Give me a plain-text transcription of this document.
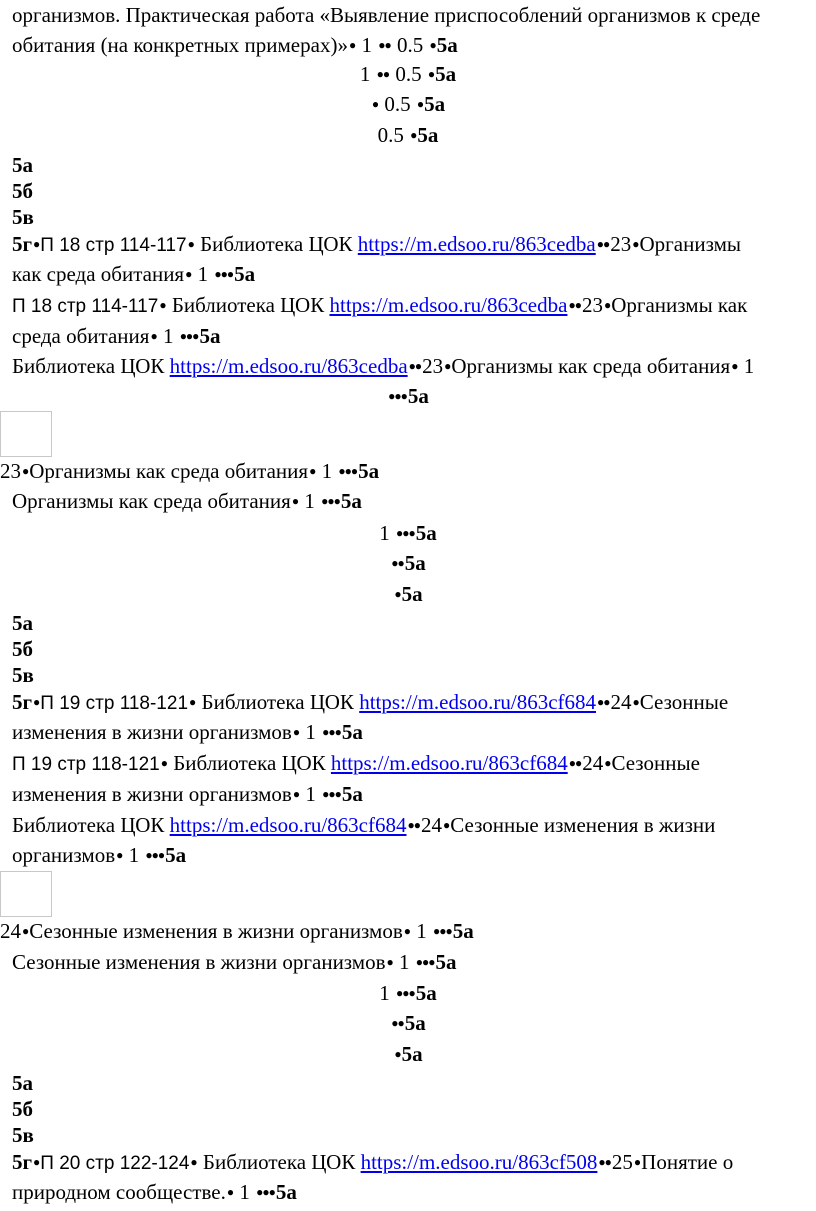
организмов. Практическая работа «Выявление приспособлений организмов к среде
обитания (на конкретных примерах)»● 1 ●● 0.5 ●5а
1 ●● 0.5 ●5а
● 0.5 ●5а
0.5 ●5а
5а
5б
5в
5г●П 18 стр 114-117● Библиотека ЦОК https://m.edsoo.ru/863cedba●●23●Организмы
как среда обитания● 1 ●●●5а
П 18 стр 114-117● Библиотека ЦОК https://m.edsoo.ru/863cedba●●23●Организмы как
среда обитания● 1 ●●●5а
Библиотека ЦОК https://m.edsoo.ru/863cedba●●23●Организмы как среда обитания● 1
●●●5а
23●Организмы как среда обитания● 1 ●●●5а
Организмы как среда обитания● 1 ●●●5а
1 ●●●5а
●●5а
●5а
5а
5б
5в
5г●П 19 стр 118-121● Библиотека ЦОК https://m.edsoo.ru/863cf684●●24●Сезонные
изменения в жизни организмов● 1 ●●●5а
П 19 стр 118-121● Библиотека ЦОК https://m.edsoo.ru/863cf684●●24●Сезонные
изменения в жизни организмов● 1 ●●●5а
Библиотека ЦОК https://m.edsoo.ru/863cf684●●24●Сезонные изменения в жизни
организмов● 1 ●●●5а
24●Сезонные изменения в жизни организмов● 1 ●●●5а
Сезонные изменения в жизни организмов● 1 ●●●5а
1 ●●●5а
●●5а
●5а
5а
5б
5в
5г●П 20 стр 122-124● Библиотека ЦОК https://m.edsoo.ru/863cf508●●25●Понятие о
природном сообществе.● 1 ●●●5а
